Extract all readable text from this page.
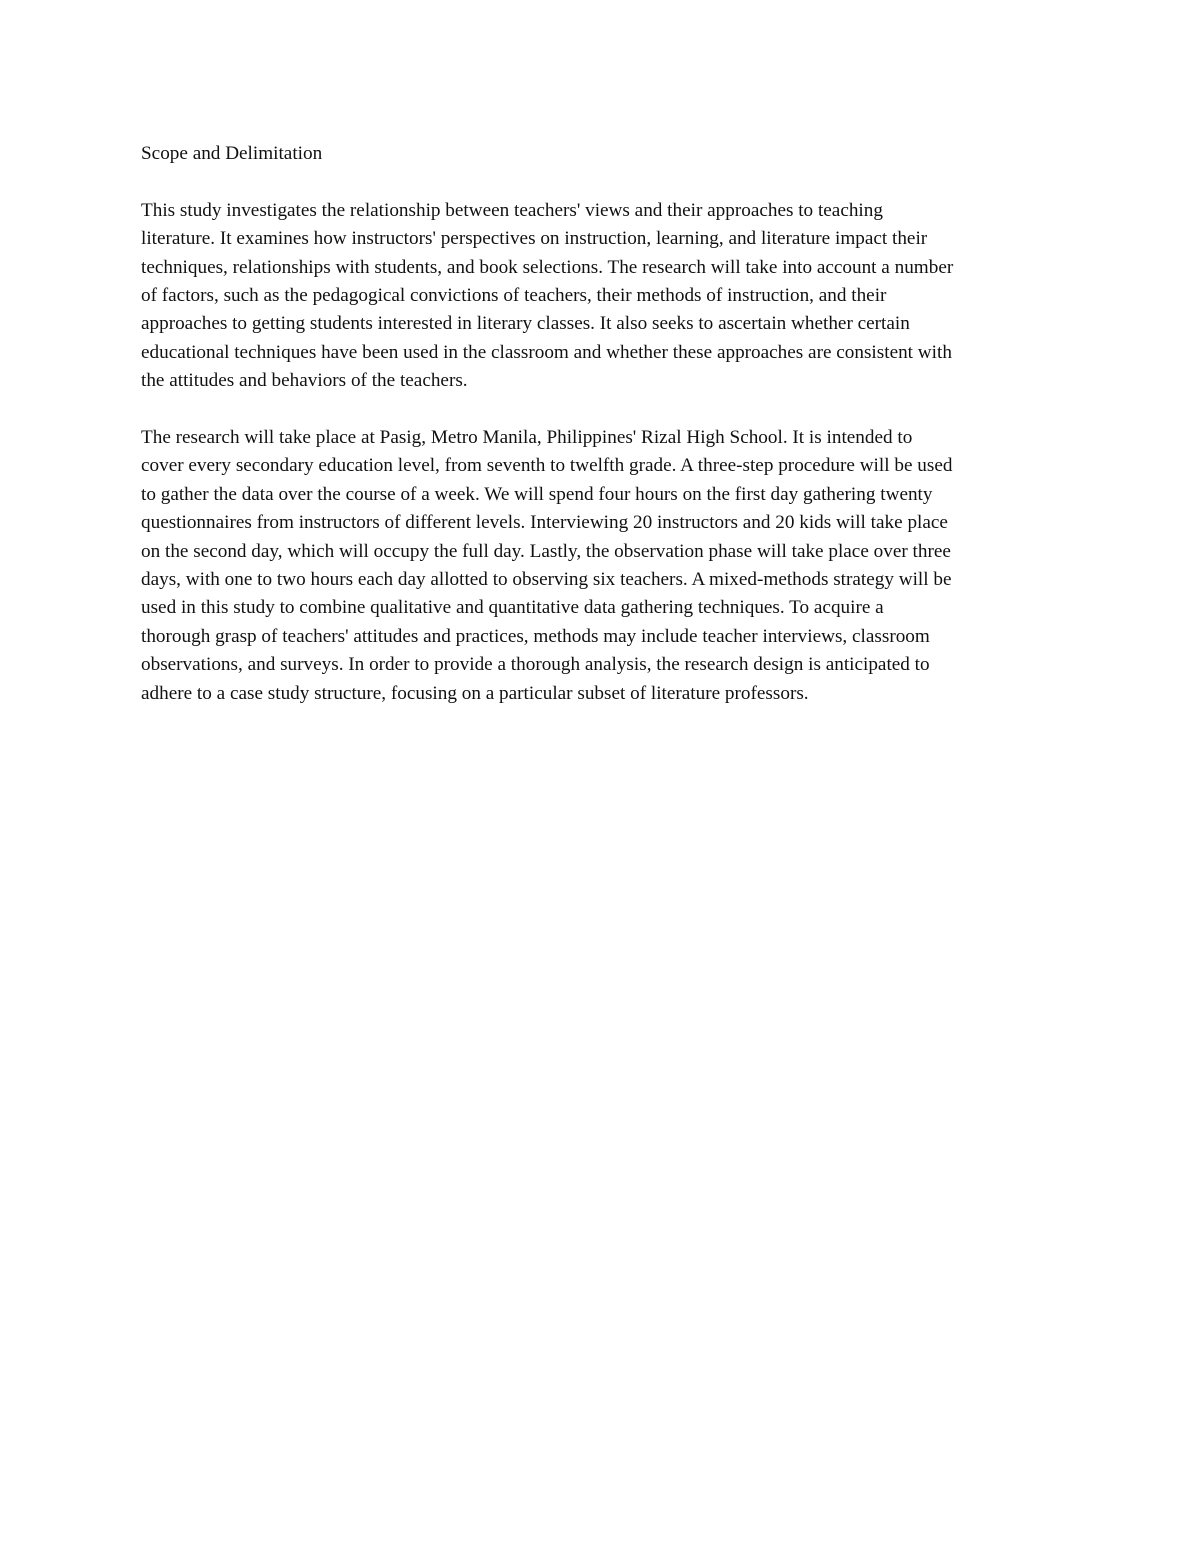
Scope and Delimitation

This study investigates the relationship between teachers' views and their approaches to teaching
literature. It examines how instructors' perspectives on instruction, learning, and literature impact their
techniques, relationships with students, and book selections. The research will take into account a number
of factors, such as the pedagogical convictions of teachers, their methods of instruction, and their
approaches to getting students interested in literary classes. It also seeks to ascertain whether certain
educational techniques have been used in the classroom and whether these approaches are consistent with
the attitudes and behaviors of the teachers.

The research will take place at Pasig, Metro Manila, Philippines' Rizal High School. It is intended to
cover every secondary education level, from seventh to twelfth grade. A three-step procedure will be used
to gather the data over the course of a week. We will spend four hours on the first day gathering twenty
questionnaires from instructors of different levels. Interviewing 20 instructors and 20 kids will take place
on the second day, which will occupy the full day. Lastly, the observation phase will take place over three
days, with one to two hours each day allotted to observing six teachers. A mixed-methods strategy will be
used in this study to combine qualitative and quantitative data gathering techniques. To acquire a
thorough grasp of teachers' attitudes and practices, methods may include teacher interviews, classroom
observations, and surveys. In order to provide a thorough analysis, the research design is anticipated to
adhere to a case study structure, focusing on a particular subset of literature professors.
